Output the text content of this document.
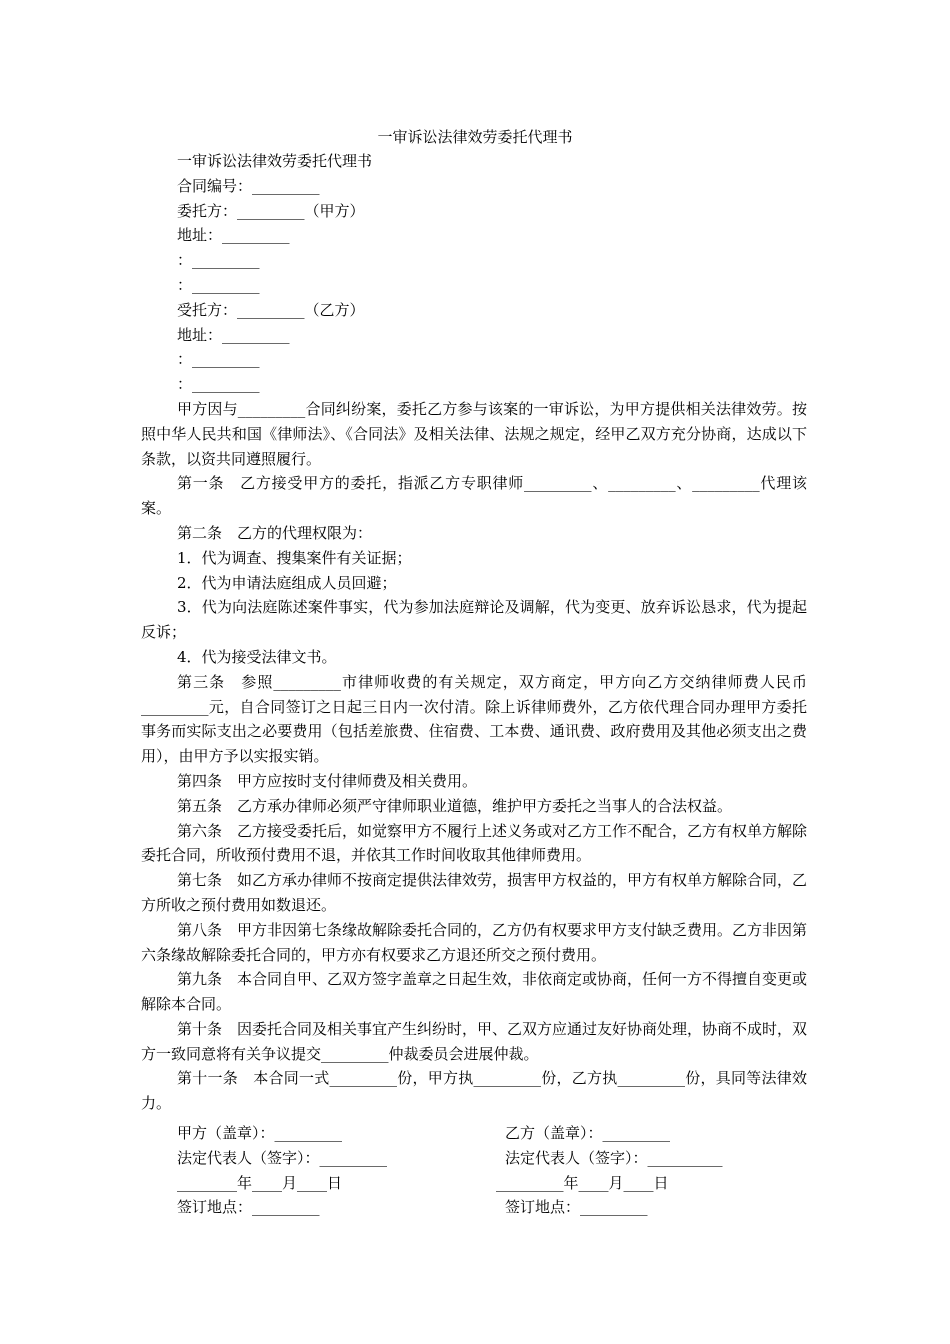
一审诉讼法律效劳委托代理书

一审诉讼法律效劳委托代理书

合同编号：_________

委托方：_________（甲方）

地址：_________

：_________

：_________

受托方：_________（乙方）

地址：_________

：_________

：_________

甲方因与_________合同纠纷案，委托乙方参与该案的一审诉讼，为甲方提供相关法律效劳。按照中华人民共和国《律师法》、《合同法》及相关法律、法规之规定，经甲乙双方充分协商，达成以下条款，以资共同遵照履行。

第一条　乙方接受甲方的委托，指派乙方专职律师_________、_________、_________代理该案。

第二条　乙方的代理权限为：

1．代为调查、搜集案件有关证据；

2．代为申请法庭组成人员回避；

3．代为向法庭陈述案件事实，代为参加法庭辩论及调解，代为变更、放弃诉讼恳求，代为提起反诉；

4．代为接受法律文书。

第三条　参照_________市律师收费的有关规定，双方商定，甲方向乙方交纳律师费人民币_________元，自合同签订之日起三日内一次付清。除上诉律师费外，乙方依代理合同办理甲方委托事务而实际支出之必要费用（包括差旅费、住宿费、工本费、通讯费、政府费用及其他必须支出之费用），由甲方予以实报实销。

第四条　甲方应按时支付律师费及相关费用。

第五条　乙方承办律师必须严守律师职业道德，维护甲方委托之当事人的合法权益。

第六条　乙方接受委托后，如觉察甲方不履行上述义务或对乙方工作不配合，乙方有权单方解除委托合同，所收预付费用不退，并依其工作时间收取其他律师费用。

第七条　如乙方承办律师不按商定提供法律效劳，损害甲方权益的，甲方有权单方解除合同，乙方所收之预付费用如数退还。

第八条　甲方非因第七条缘故解除委托合同的，乙方仍有权要求甲方支付缺乏费用。乙方非因第六条缘故解除委托合同的，甲方亦有权要求乙方退还所交之预付费用。

第九条　本合同自甲、乙双方签字盖章之日起生效，非依商定或协商，任何一方不得擅自变更或解除本合同。

第十条　因委托合同及相关事宜产生纠纷时，甲、乙双方应通过友好协商处理，协商不成时，双方一致同意将有关争议提交_________仲裁委员会进展仲裁。

第十一条　本合同一式_________份，甲方执_________份，乙方执_________份，具同等法律效力。

甲方（盖章）：_________	乙方（盖章）：_________
法定代表人（签字）：_________	法定代表人（签字）：__________
________年____月____日	_________年____月____日
签订地点：_________	签订地点：_________
